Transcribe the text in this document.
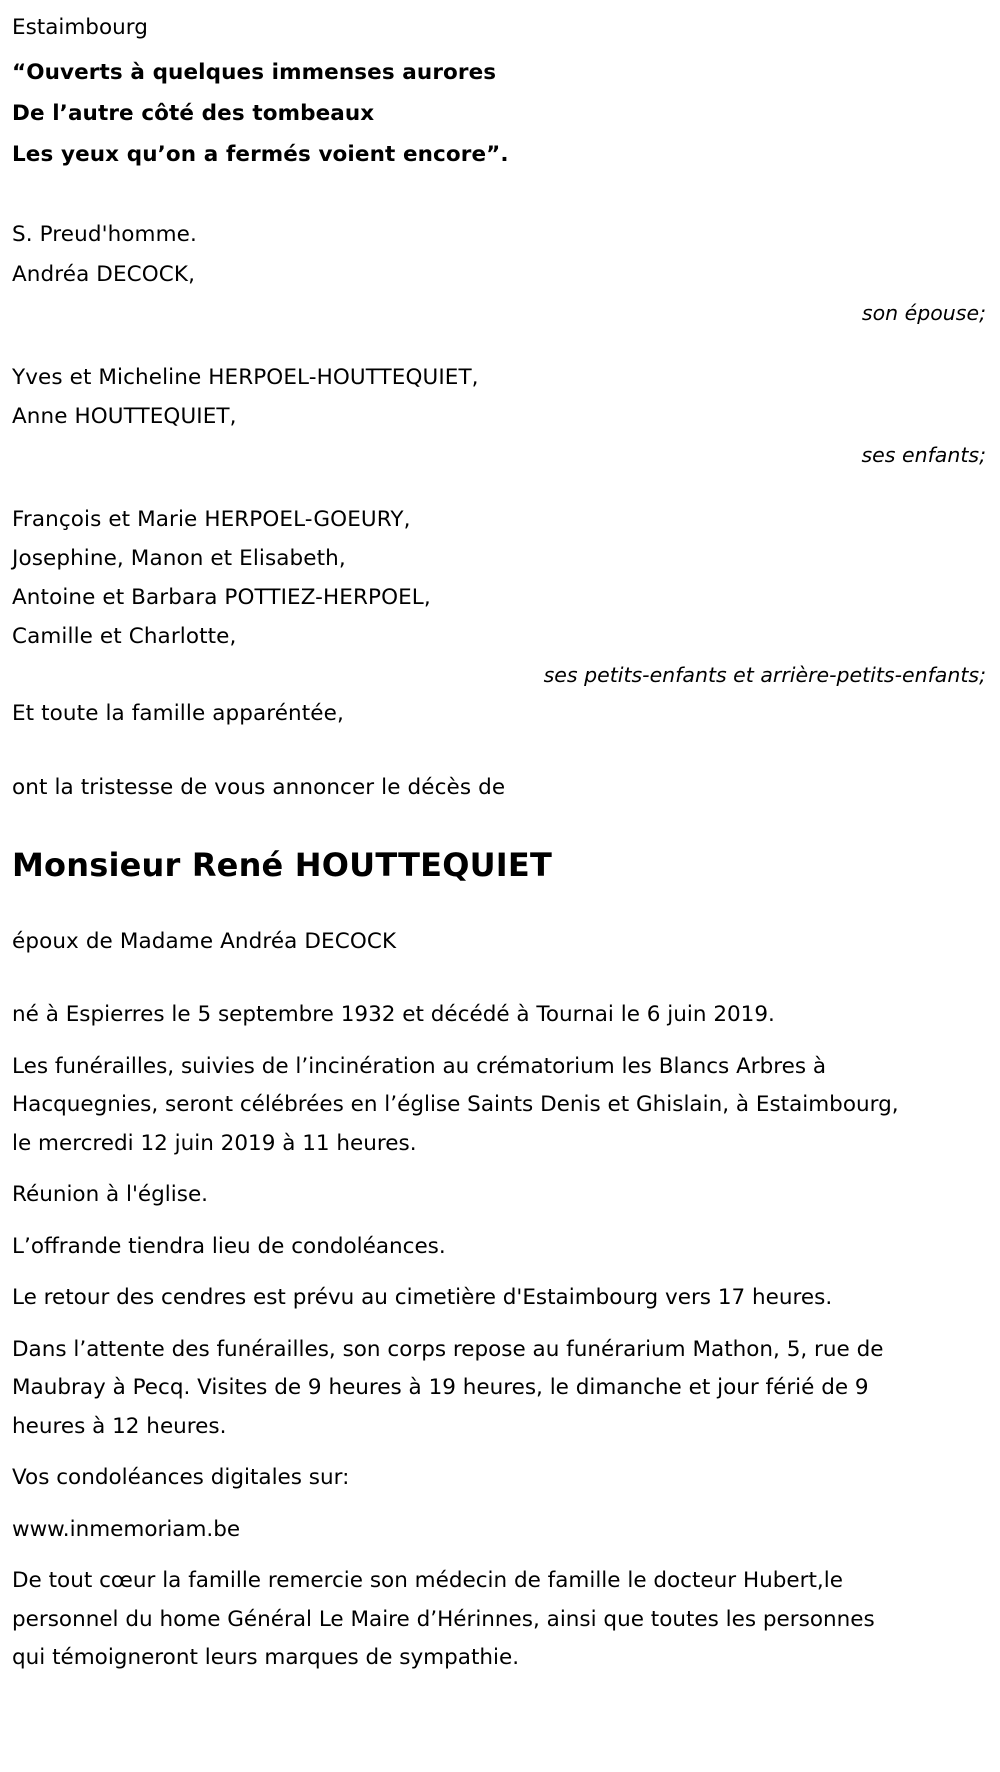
Estaimbourg
“Ouverts à quelques immenses aurores
De l’autre côté des tombeaux
Les yeux qu’on a fermés voient encore”.
S. Preud'homme.
Andréa DECOCK,
son épouse;
Yves et Micheline HERPOEL-HOUTTEQUIET,
Anne HOUTTEQUIET,
ses enfants;
François et Marie HERPOEL-GOEURY,
Josephine, Manon et Elisabeth,
Antoine et Barbara POTTIEZ-HERPOEL,
Camille et Charlotte,
ses petits-enfants et arrière-petits-enfants;
Et toute la famille apparéntée,
ont la tristesse de vous annoncer le décès de
Monsieur René HOUTTEQUIET
époux de Madame Andréa DECOCK

né à Espierres le 5 septembre 1932 et décédé à Tournai le 6 juin 2019.

Les funérailles, suivies de l’incinération au crématorium les Blancs Arbres à Hacquegnies, seront célébrées en l’église Saints Denis et Ghislain, à Estaimbourg, le mercredi 12 juin 2019 à 11 heures.

Réunion à l'église.

L’offrande tiendra lieu de condoléances.

Le retour des cendres est prévu au cimetière d'Estaimbourg vers 17 heures.

Dans l’attente des funérailles, son corps repose au funérarium Mathon, 5, rue de Maubray à Pecq. Visites de 9 heures à 19 heures, le dimanche et jour férié de 9 heures à 12 heures.

Vos condoléances digitales sur:

www.inmemoriam.be

De tout cœur la famille remercie son médecin de famille le docteur Hubert,le personnel du home Général Le Maire d’Hérinnes, ainsi que toutes les personnes qui témoigneront leurs marques de sympathie.
